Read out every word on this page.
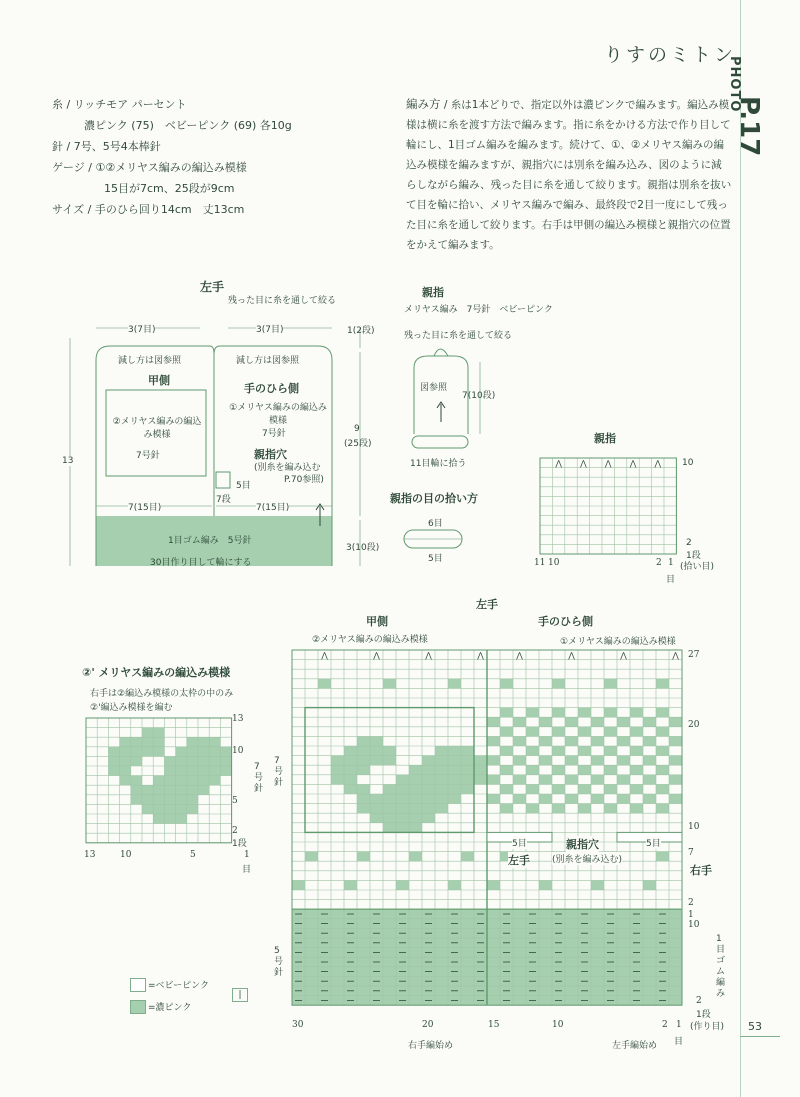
りすのミトン
PHOTO
P.17
糸 / リッチモア パーセント
濃ピンク (75)　ベビーピンク (69) 各10g
針 / 7号、5号4本棒針
ゲージ / ①②メリヤス編みの編込み模様
15目が7cm、25段が9cm
サイズ / 手のひら回り14cm　丈13cm
編み方 / 糸は1本どりで、指定以外は濃ピンクで編みます。編込み模様は横に糸を渡す方法で編みます。指に糸をかける方法で作り目して輪にし、1目ゴム編みを編みます。続けて、①、②メリヤス編みの編込み模様を編みますが、親指穴には別糸を編み込み、図のように減らしながら編み、残った目に糸を通して絞ります。親指は別糸を抜いて目を輪に拾い、メリヤス編みで編み、最終段で2目一度にして残った目に糸を通して絞ります。右手は甲側の編込み模様と親指穴の位置をかえて編みます。
左手
残った目に糸を通して絞る
3(7目)	3(7目)
減し方は図参照	減し方は図参照
甲側
②メリヤス編みの編込み模様
7号針
手のひら側
①メリヤス編みの編込み模様
7号針
親指穴
(別糸を編み込む
P.70参照)
5目
7段
7(15目)	7(15目)
1目ゴム編み　5号針
30目作り目して輪にする
13
1(2段)
9
(25段)
3(10段)
親指
メリヤス編み　7号針　ベビーピンク
残った目に糸を通して絞る
図参照
7(10段)
11目輪に拾う
親指の目の拾い方
6目
5目
親指
⋀ ⋀ ⋀ ⋀ ⋀ 10
2
1段
(拾い目)
11 10	2 1
目
②' メリヤス編みの編込み模様
右手は②編込み模様の太枠の中のみ
②'編込み模様を編む
13
10
5
2
1段
7号針
13	10	5	1
目
左手
甲側	手のひら側
②メリヤス編みの編込み模様	①メリヤス編みの編込み模様
⋀	⋀	⋀	⋀	⋀	⋀	⋀	⋀ 27
20
10
2
1
10
2
1段
(作り目)
1目ゴム編み
7号針
5号針
5目	5目
親指穴
(別糸を編み込む)
左手
右手
7
30	20	15	10	2 1
目
右手編始め	左手編始め
=ベビーピンク
=濃ピンク
|
53
